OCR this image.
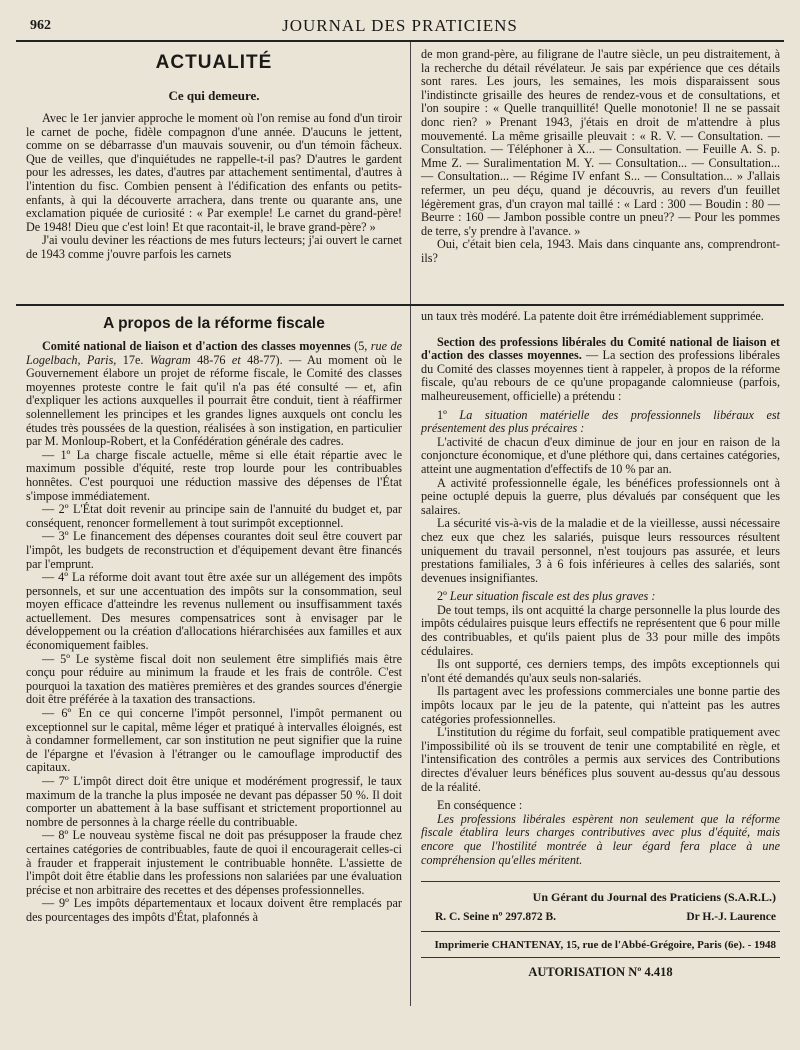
962	JOURNAL DES PRATICIENS
ACTUALITÉ
Ce qui demeure.

Avec le 1er janvier approche le moment où l'on remise au fond d'un tiroir le carnet de poche, fidèle compagnon d'une année. D'aucuns le jettent, comme on se débarrasse d'un mauvais souvenir, ou d'un témoin fâcheux. Que de veilles, que d'inquiétudes ne rappelle-t-il pas? D'autres le gardent pour les adresses, les dates, d'autres par attachement sentimental, d'autres à l'intention du fisc. Combien pensent à l'édification des enfants ou petits-enfants, à qui la découverte arrachera, dans trente ou quarante ans, une exclamation piquée de curiosité : « Par exemple! Le carnet du grand-père! De 1948! Dieu que c'est loin! Et que racontait-il, le brave grand-père? »

J'ai voulu deviner les réactions de mes futurs lecteurs; j'ai ouvert le carnet de 1943 comme j'ouvre parfois les carnets

de mon grand-père, au filigrane de l'autre siècle, un peu distraitement, à la recherche du détail révélateur. Je sais par expérience que ces détails sont rares. Les jours, les semaines, les mois disparaissent sous l'indistincte grisaille des heures de rendez-vous et de consultations, et l'on soupire : « Quelle tranquillité! Quelle monotonie! Il ne se passait donc rien? » Prenant 1943, j'étais en droit de m'attendre à plus mouvementé. La même grisaille pleuvait : « R. V. — Consultation. — Consultation. — Téléphoner à X... — Consultation. — Feuille A. S. p. Mme Z. — Suralimentation M. Y. — Consultation... — Consultation... — Consultation... — Régime IV enfant S... — Consultation... » J'allais refermer, un peu déçu, quand je découvris, au revers d'un feuillet légèrement gras, d'un crayon mal taillé : « Lard : 300 — Boudin : 80 — Beurre : 160 — Jambon possible contre un pneu?? — Pour les pommes de terre, s'y prendre à l'avance. »

Oui, c'était bien cela, 1943. Mais dans cinquante ans, comprendront-ils?

A propos de la réforme fiscale

Comité national de liaison et d'action des classes moyennes (5, rue de Logelbach, Paris, 17e. Wagram 48-76 et 48-77). — Au moment où le Gouvernement élabore un projet de réforme fiscale, le Comité des classes moyennes proteste contre le fait qu'il n'a pas été consulté — et, afin d'expliquer les actions auxquelles il pourrait être conduit, tient à réaffirmer solennellement les principes et les grandes lignes auxquels ont conclu les études très poussées de la question, réalisées à son instigation, en particulier par M. Monloup-Robert, et la Confédération générale des cadres.

— 1º La charge fiscale actuelle, même si elle était répartie avec le maximum possible d'équité, reste trop lourde pour les contribuables honnêtes. C'est pourquoi une réduction massive des dépenses de l'État s'impose immédiatement.

— 2º L'État doit revenir au principe sain de l'annuité du budget et, par conséquent, renoncer formellement à tout surimpôt exceptionnel.

— 3º Le financement des dépenses courantes doit seul être couvert par l'impôt, les budgets de reconstruction et d'équipement devant être financés par l'emprunt.

— 4º La réforme doit avant tout être axée sur un allégement des impôts personnels, et sur une accentuation des impôts sur la consommation, seul moyen efficace d'atteindre les revenus nullement ou insuffisamment taxés actuellement. Des mesures compensatrices sont à envisager par le développement ou la création d'allocations hiérarchisées aux familles et aux économiquement faibles.

— 5º Le système fiscal doit non seulement être simplifiés mais être conçu pour réduire au minimum la fraude et les frais de contrôle. C'est pourquoi la taxation des matières premières et des grandes sources d'énergie doit être préférée à la taxation des transactions.

— 6º En ce qui concerne l'impôt personnel, l'impôt permanent ou exceptionnel sur le capital, même léger et pratiqué à intervalles éloignés, est à condamner formellement, car son institution ne peut signifier que la ruine de l'épargne et l'évasion à l'étranger ou le camouflage improductif des capitaux.

— 7º L'impôt direct doit être unique et modérément progressif, le taux maximum de la tranche la plus imposée ne devant pas dépasser 50 %. Il doit comporter un abattement à la base suffisant et strictement proportionnel au nombre de personnes à la charge réelle du contribuable.

— 8º Le nouveau système fiscal ne doit pas présupposer la fraude chez certaines catégories de contribuables, faute de quoi il encouragerait celles-ci à frauder et frapperait injustement le contribuable honnête. L'assiette de l'impôt doit être établie dans les professions non salariées par une évaluation précise et non arbitraire des recettes et des dépenses professionnelles.

— 9º Les impôts départementaux et locaux doivent être remplacés par des pourcentages des impôts d'État, plafonnés à

un taux très modéré. La patente doit être irrémédiablement supprimée.

Section des professions libérales du Comité national de liaison et d'action des classes moyennes. — La section des professions libérales du Comité des classes moyennes tient à rappeler, à propos de la réforme fiscale, qu'au rebours de ce qu'une propagande calomnieuse (parfois, malheureusement, officielle) a prétendu :

1º La situation matérielle des professionnels libéraux est présentement des plus précaires :

L'activité de chacun d'eux diminue de jour en jour en raison de la conjoncture économique, et d'une pléthore qui, dans certaines catégories, atteint une augmentation d'effectifs de 10 % par an.

A activité professionnelle égale, les bénéfices professionnels ont à peine octuplé depuis la guerre, plus dévalués par conséquent que les salaires.

La sécurité vis-à-vis de la maladie et de la vieillesse, aussi nécessaire chez eux que chez les salariés, puisque leurs ressources résultent uniquement du travail personnel, n'est toujours pas assurée, et leurs prestations familiales, 3 à 6 fois inférieures à celles des salariés, sont devenues insignifiantes.

2º Leur situation fiscale est des plus graves :

De tout temps, ils ont acquitté la charge personnelle la plus lourde des impôts cédulaires puisque leurs effectifs ne représentent que 6 pour mille des contribuables, et qu'ils paient plus de 33 pour mille des impôts cédulaires.

Ils ont supporté, ces derniers temps, des impôts exceptionnels qui n'ont été demandés qu'aux seuls non-salariés.

Ils partagent avec les professions commerciales une bonne partie des impôts locaux par le jeu de la patente, qui n'atteint pas les autres catégories professionnelles.

L'institution du régime du forfait, seul compatible pratiquement avec l'impossibilité où ils se trouvent de tenir une comptabilité en règle, et l'intensification des contrôles a permis aux services des Contributions directes d'évaluer leurs bénéfices plus souvent au-dessus qu'au dessous de la réalité.

En conséquence :

Les professions libérales espèrent non seulement que la réforme fiscale établira leurs charges contributives avec plus d'équité, mais encore que l'hostilité montrée à leur égard fera place à une compréhension qu'elles méritent.

Un Gérant du Journal des Praticiens (S.A.R.L.)
R. C. Seine nº 297.872 B.	Dr H.-J. Laurence
Imprimerie CHANTENAY, 15, rue de l'Abbé-Grégoire, Paris (6e). - 1948
AUTORISATION Nº 4.418
